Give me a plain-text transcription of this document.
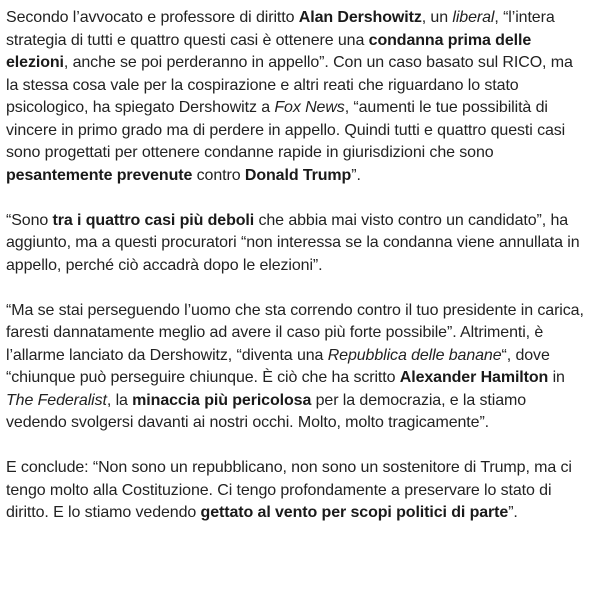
Secondo l’avvocato e professore di diritto Alan Dershowitz, un liberal, “l’intera strategia di tutti e quattro questi casi è ottenere una condanna prima delle elezioni, anche se poi perderanno in appello”. Con un caso basato sul RICO, ma la stessa cosa vale per la cospirazione e altri reati che riguardano lo stato psicologico, ha spiegato Dershowitz a Fox News, “aumenti le tue possibilità di vincere in primo grado ma di perdere in appello. Quindi tutti e quattro questi casi sono progettati per ottenere condanne rapide in giurisdizioni che sono pesantemente prevenute contro Donald Trump”.

“Sono tra i quattro casi più deboli che abbia mai visto contro un candidato”, ha aggiunto, ma a questi procuratori “non interessa se la condanna viene annullata in appello, perché ciò accadrà dopo le elezioni”.

“Ma se stai perseguendo l’uomo che sta correndo contro il tuo presidente in carica, faresti dannatamente meglio ad avere il caso più forte possibile”. Altrimenti, è l’allarme lanciato da Dershowitz, “diventa una Repubblica delle banane“, dove “chiunque può perseguire chiunque. È ciò che ha scritto Alexander Hamilton in The Federalist, la minaccia più pericolosa per la democrazia, e la stiamo vedendo svolgersi davanti ai nostri occhi. Molto, molto tragicamente”.

E conclude: “Non sono un repubblicano, non sono un sostenitore di Trump, ma ci tengo molto alla Costituzione. Ci tengo profondamente a preservare lo stato di diritto. E lo stiamo vedendo gettato al vento per scopi politici di parte”.
